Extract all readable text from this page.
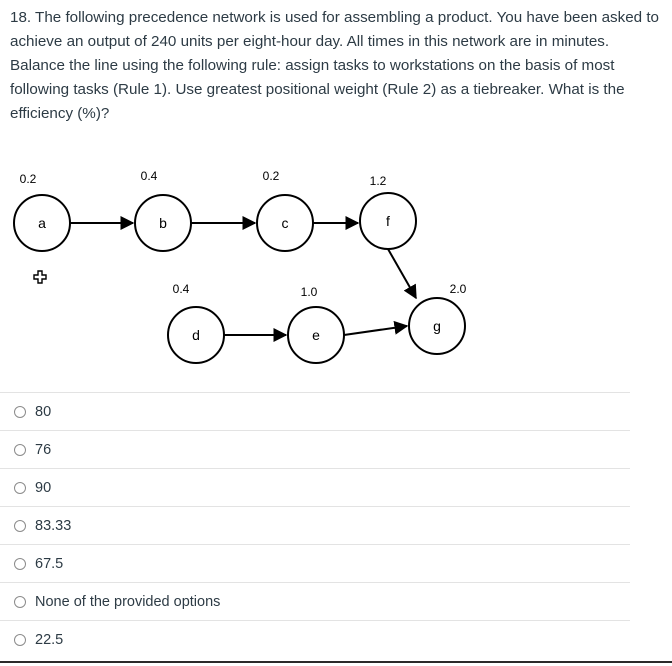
18. The following precedence network is used for assembling a product. You have been asked to achieve an output of 240 units per eight-hour day. All times in this network are in minutes. Balance the line using the following rule: assign tasks to workstations on the basis of most following tasks (Rule 1). Use greatest positional weight (Rule 2) as a tiebreaker. What is the efficiency (%)?
a
0.2
b
0.4
c
0.2
f
1.2
d
0.4
e
1.0
g
2.0
80
76
90
83.33
67.5
None of the provided options
22.5
